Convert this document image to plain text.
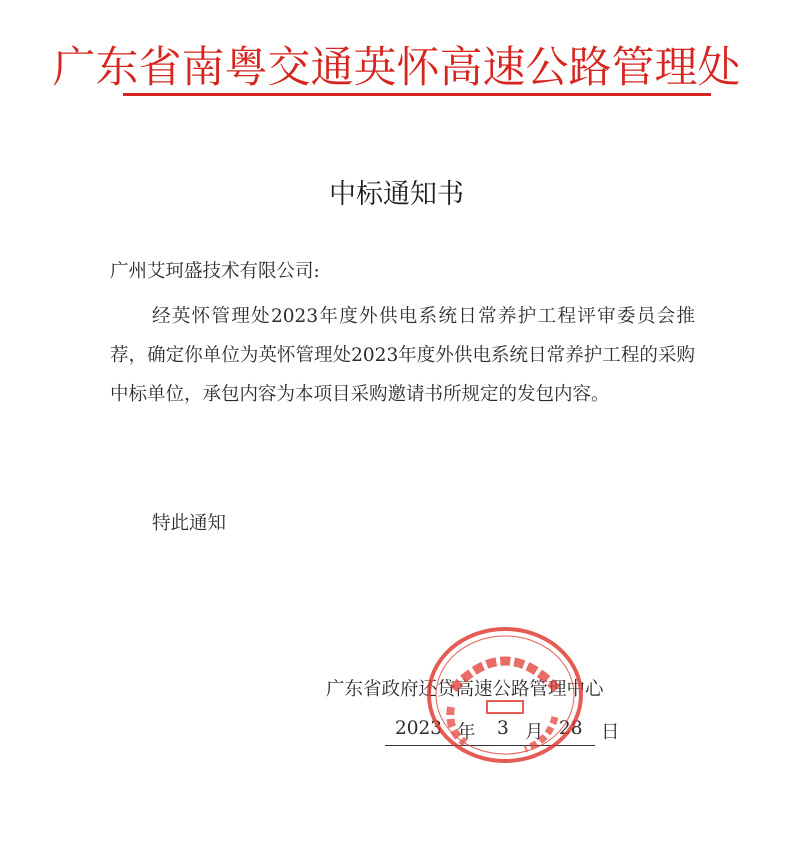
广东省南粤交通英怀高速公路管理处
中标通知书
广州艾珂盛技术有限公司:
经英怀管理处2023年度外供电系统日常养护工程评审委员会推荐，确定你单位为英怀管理处2023年度外供电系统日常养护工程的采购中标单位，承包内容为本项目采购邀请书所规定的发包内容。
特此通知
广东省政府还贷高速公路管理中心
2023 年 3 月 28 日
